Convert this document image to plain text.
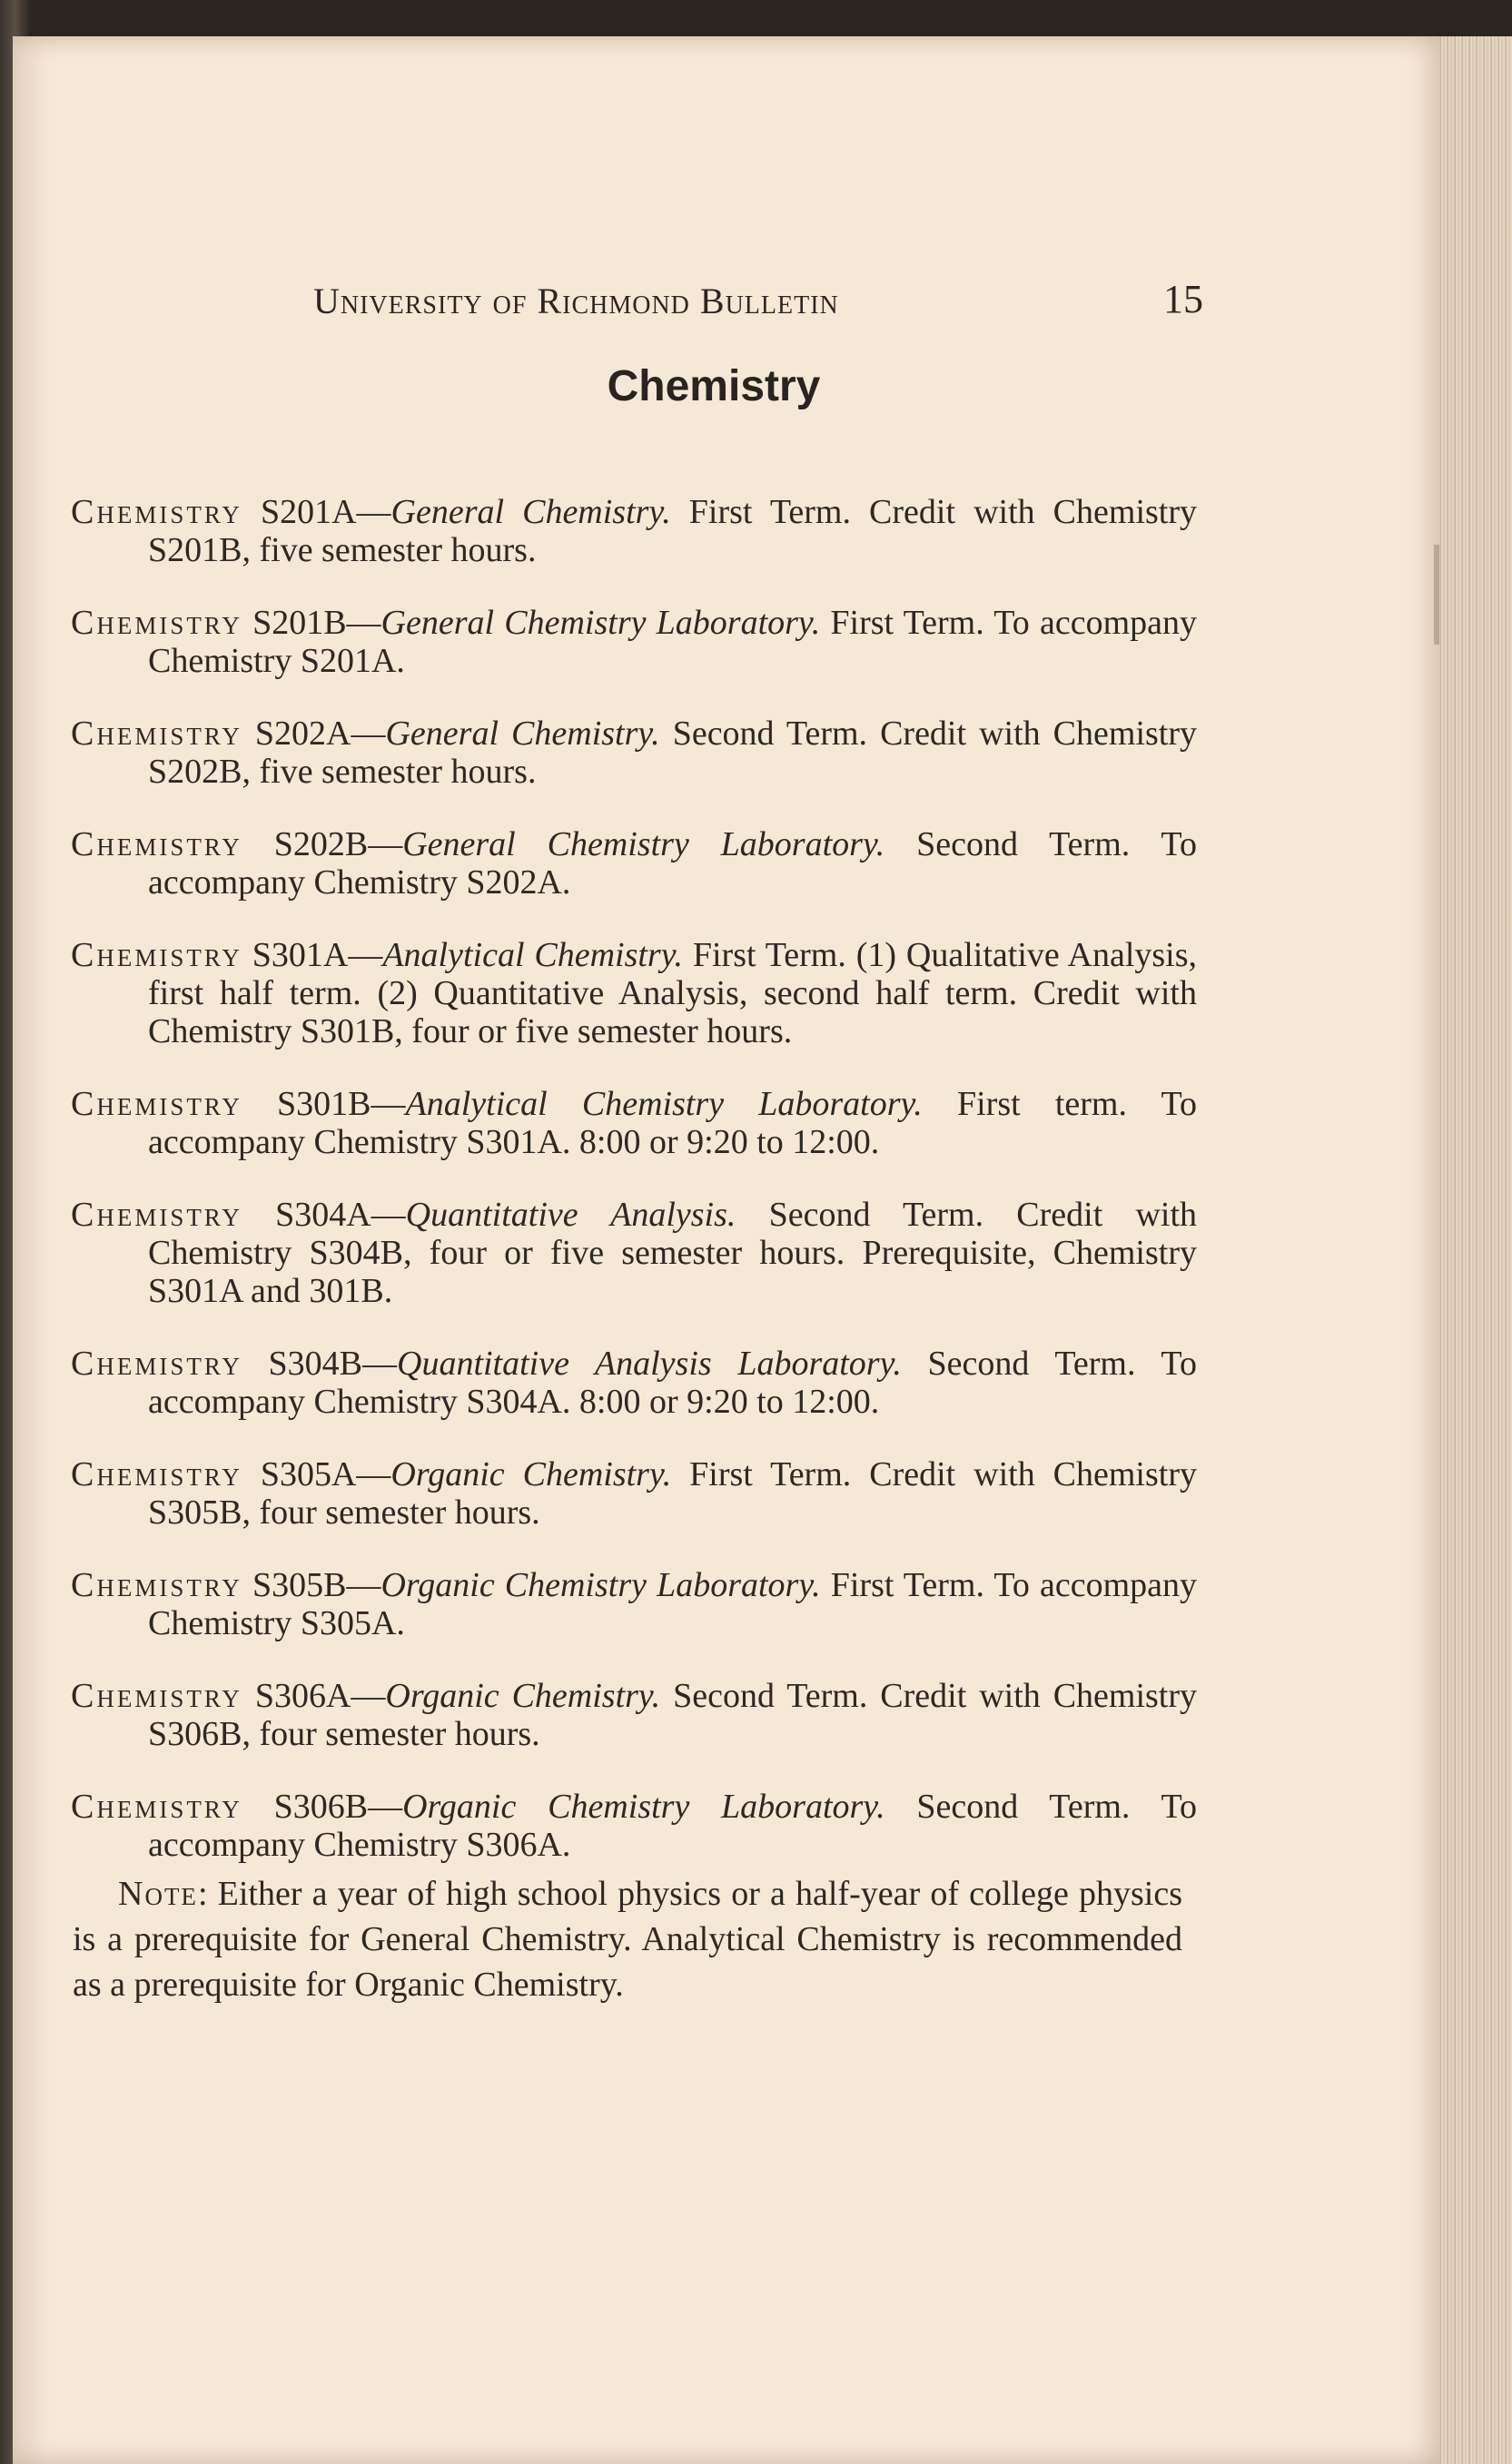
University of Richmond Bulletin	15
Chemistry

Chemistry S201A—General Chemistry. First Term. Credit with Chemistry S201B, five semester hours.

Chemistry S201B—General Chemistry Laboratory. First Term. To accompany Chemistry S201A.

Chemistry S202A—General Chemistry. Second Term. Credit with Chemistry S202B, five semester hours.

Chemistry S202B—General Chemistry Laboratory. Second Term. To accompany Chemistry S202A.

Chemistry S301A—Analytical Chemistry. First Term. (1) Qualitative Analysis, first half term. (2) Quantitative Analysis, second half term. Credit with Chemistry S301B, four or five semester hours.

Chemistry S301B—Analytical Chemistry Laboratory. First term. To accompany Chemistry S301A. 8:00 or 9:20 to 12:00.

Chemistry S304A—Quantitative Analysis. Second Term. Credit with Chemistry S304B, four or five semester hours. Prerequisite, Chemistry S301A and 301B.

Chemistry S304B—Quantitative Analysis Laboratory. Second Term. To accompany Chemistry S304A. 8:00 or 9:20 to 12:00.

Chemistry S305A—Organic Chemistry. First Term. Credit with Chemistry S305B, four semester hours.

Chemistry S305B—Organic Chemistry Laboratory. First Term. To accompany Chemistry S305A.

Chemistry S306A—Organic Chemistry. Second Term. Credit with Chemistry S306B, four semester hours.

Chemistry S306B—Organic Chemistry Laboratory. Second Term. To accompany Chemistry S306A.

Note: Either a year of high school physics or a half-year of college physics is a prerequisite for General Chemistry. Analytical Chemistry is recommended as a prerequisite for Organic Chemistry.
